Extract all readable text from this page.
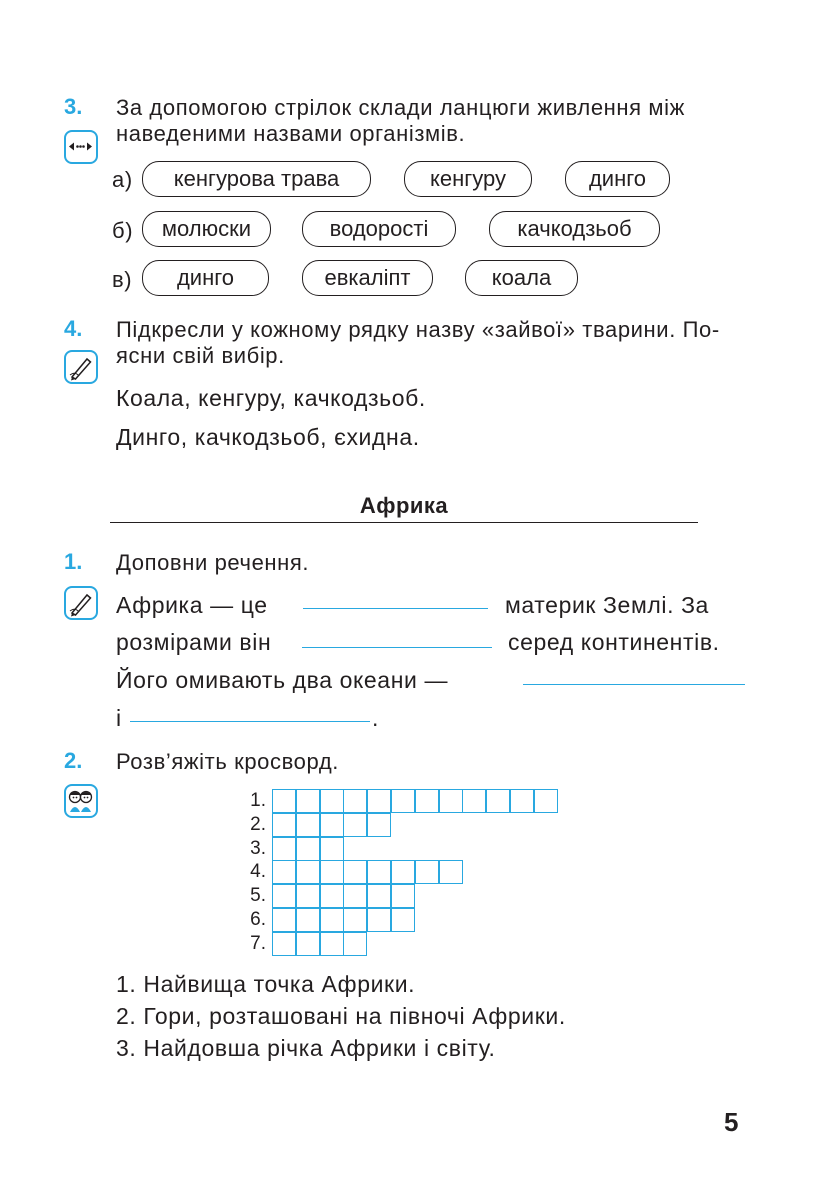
3. За допомогою стрілок склади ланцюги живлення між
наведеними назвами організмів.
а)	кенгурова трава	кенгуру	динго
б)	молюски	водорості	качкодзьоб
в)	динго	евкаліпт	коала
4. Підкресли у кожному рядку назву «зайвої» тварини. По-
ясни свій вибір.
Коала, кенгуру, качкодзьоб.
Динго, качкодзьоб, єхидна.
Африка
1. Доповни речення.
Африка — це	материк Землі. За
розмірами він	серед континентів.
Його омивають два океани —
і	.
2. Розв’яжіть кросворд.
1.
2.
3.
4.
5.
6.
7.
1. Найвища точка Африки.
2. Гори, розташовані на півночі Африки.
3. Найдовша річка Африки і світу.
5
